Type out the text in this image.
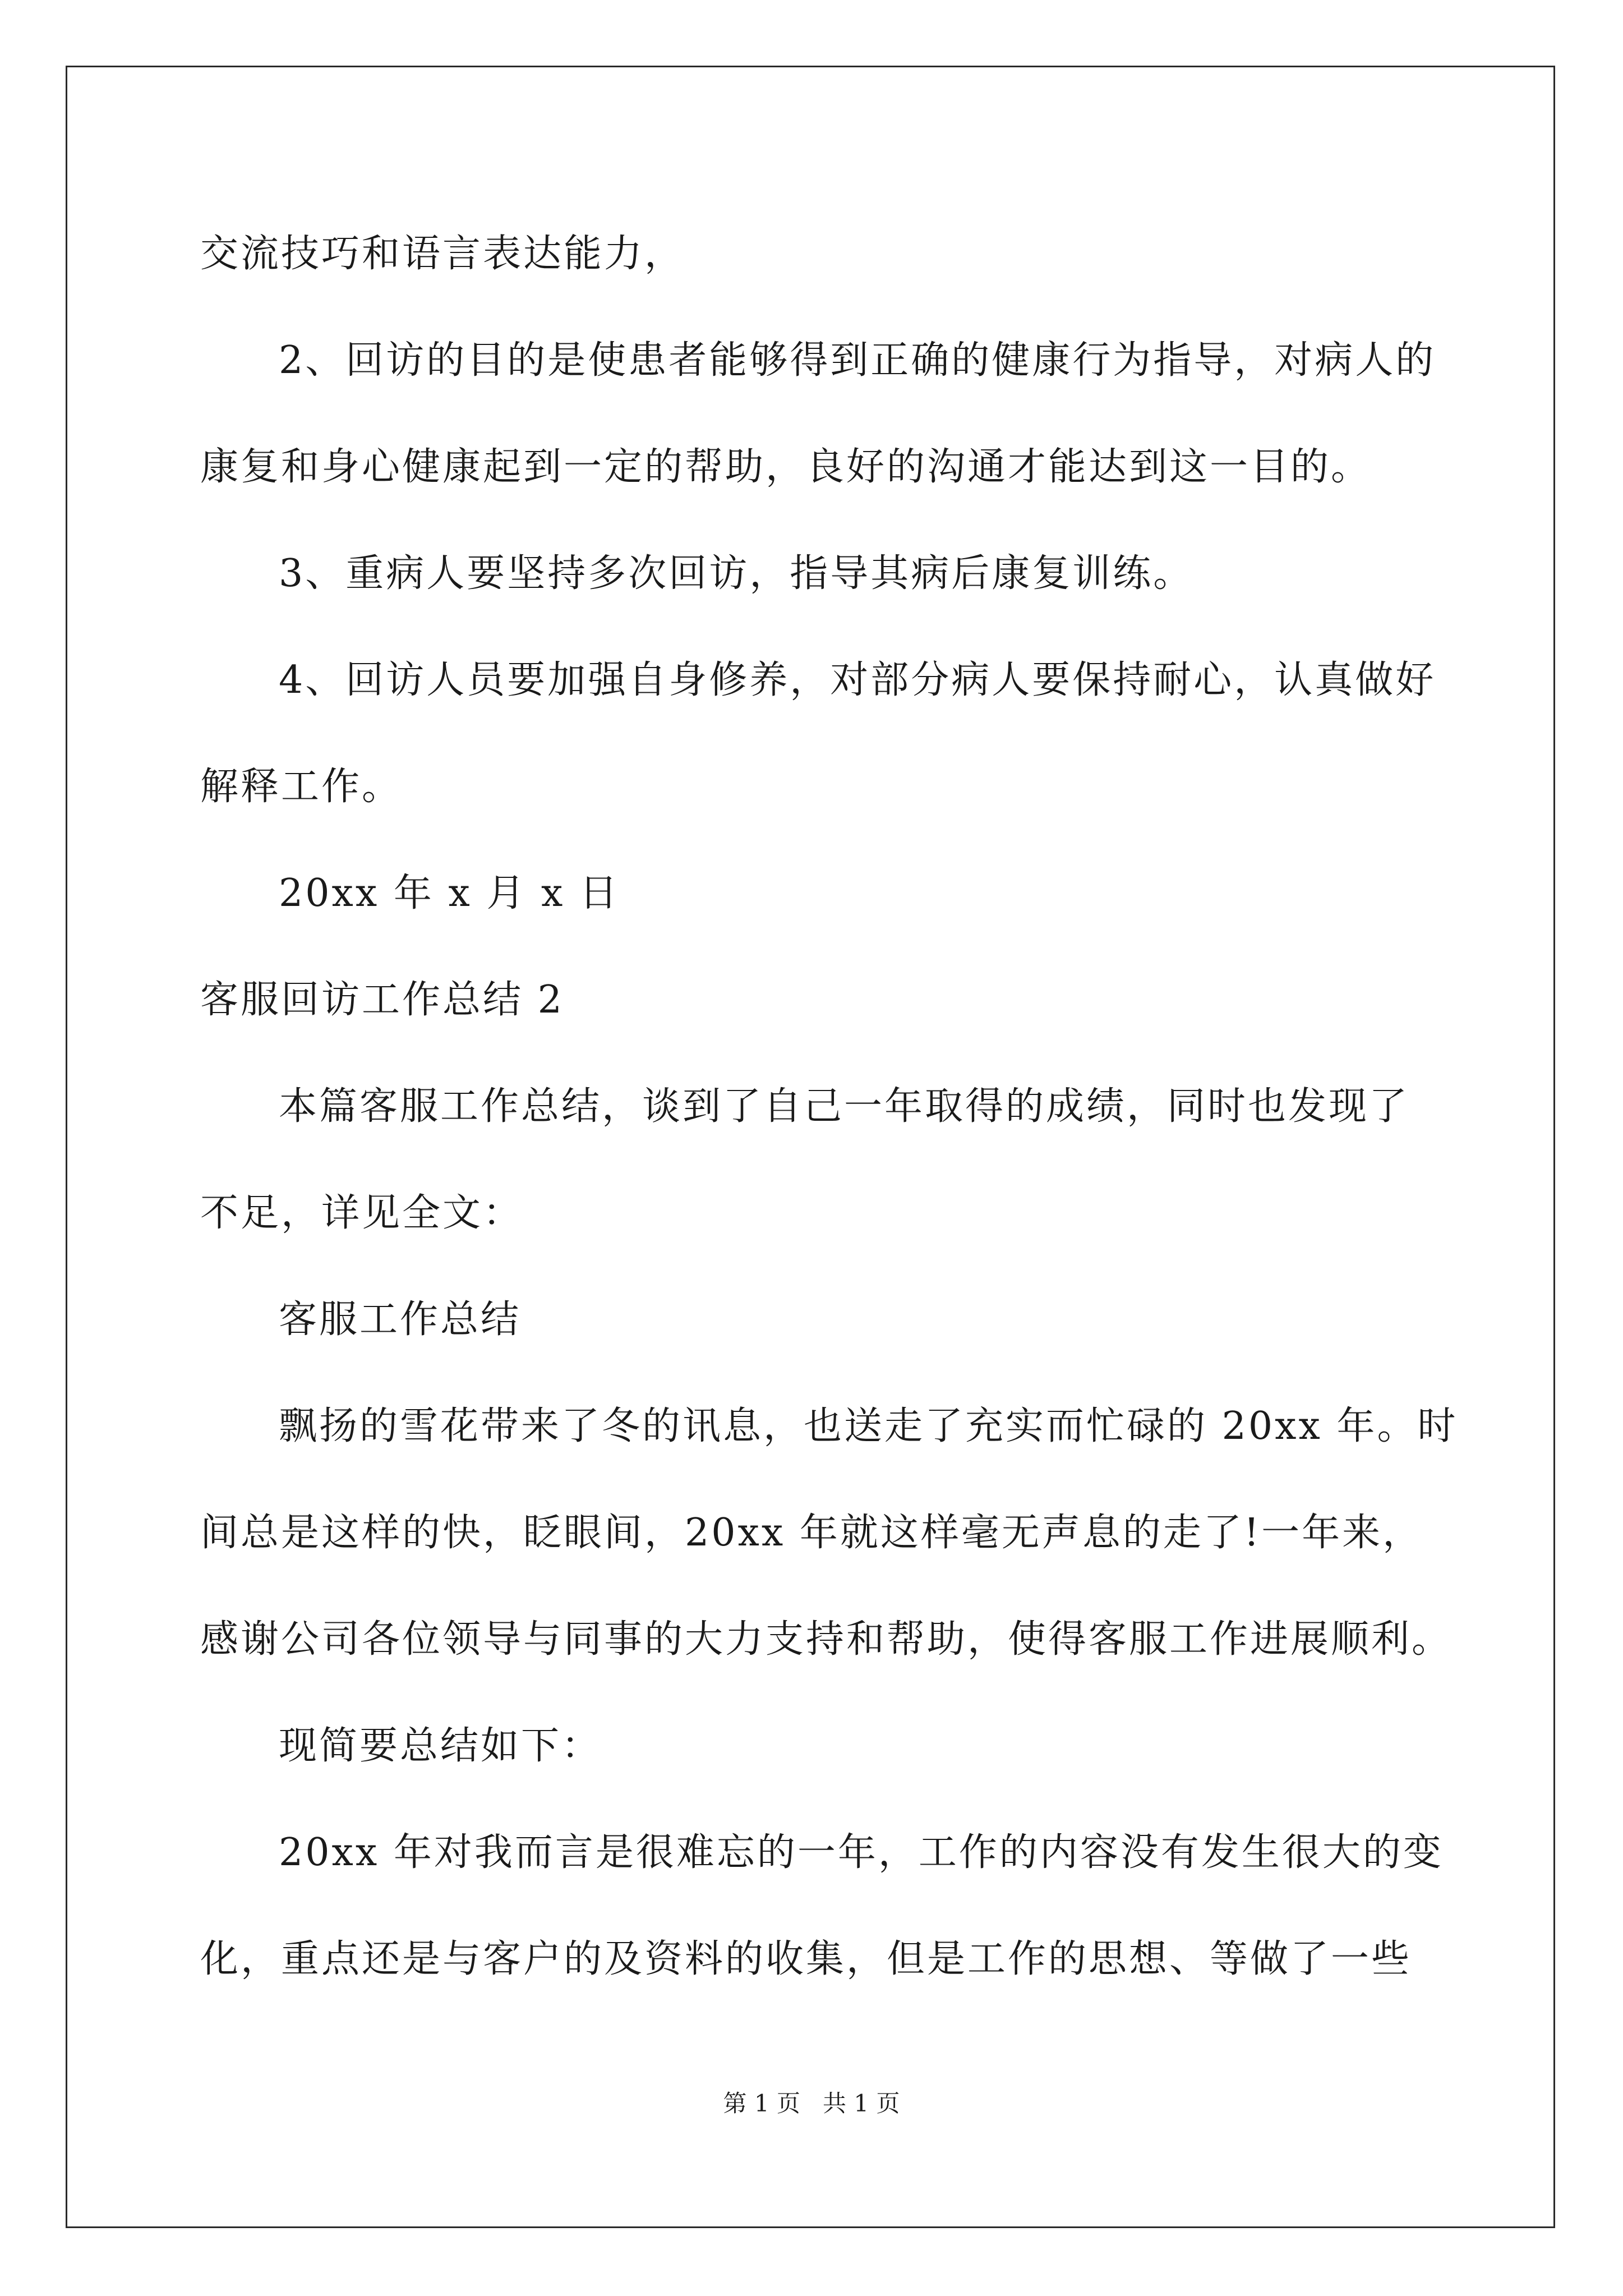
交流技巧和语言表达能力，
2、回访的目的是使患者能够得到正确的健康行为指导，对病人的
康复和身心健康起到一定的帮助，良好的沟通才能达到这一目的。
3、重病人要坚持多次回访，指导其病后康复训练。
4、回访人员要加强自身修养，对部分病人要保持耐心，认真做好
解释工作。
20xx 年 x 月 x 日
客服回访工作总结 2
本篇客服工作总结，谈到了自己一年取得的成绩，同时也发现了
不足，详见全文：
客服工作总结
飘扬的雪花带来了冬的讯息，也送走了充实而忙碌的 20xx 年。时
间总是这样的快，眨眼间，20xx 年就这样毫无声息的走了!一年来，
感谢公司各位领导与同事的大力支持和帮助，使得客服工作进展顺利。
现简要总结如下：
20xx 年对我而言是很难忘的一年，工作的内容没有发生很大的变
化，重点还是与客户的及资料的收集，但是工作的思想、等做了一些
第 1 页   共 1 页
